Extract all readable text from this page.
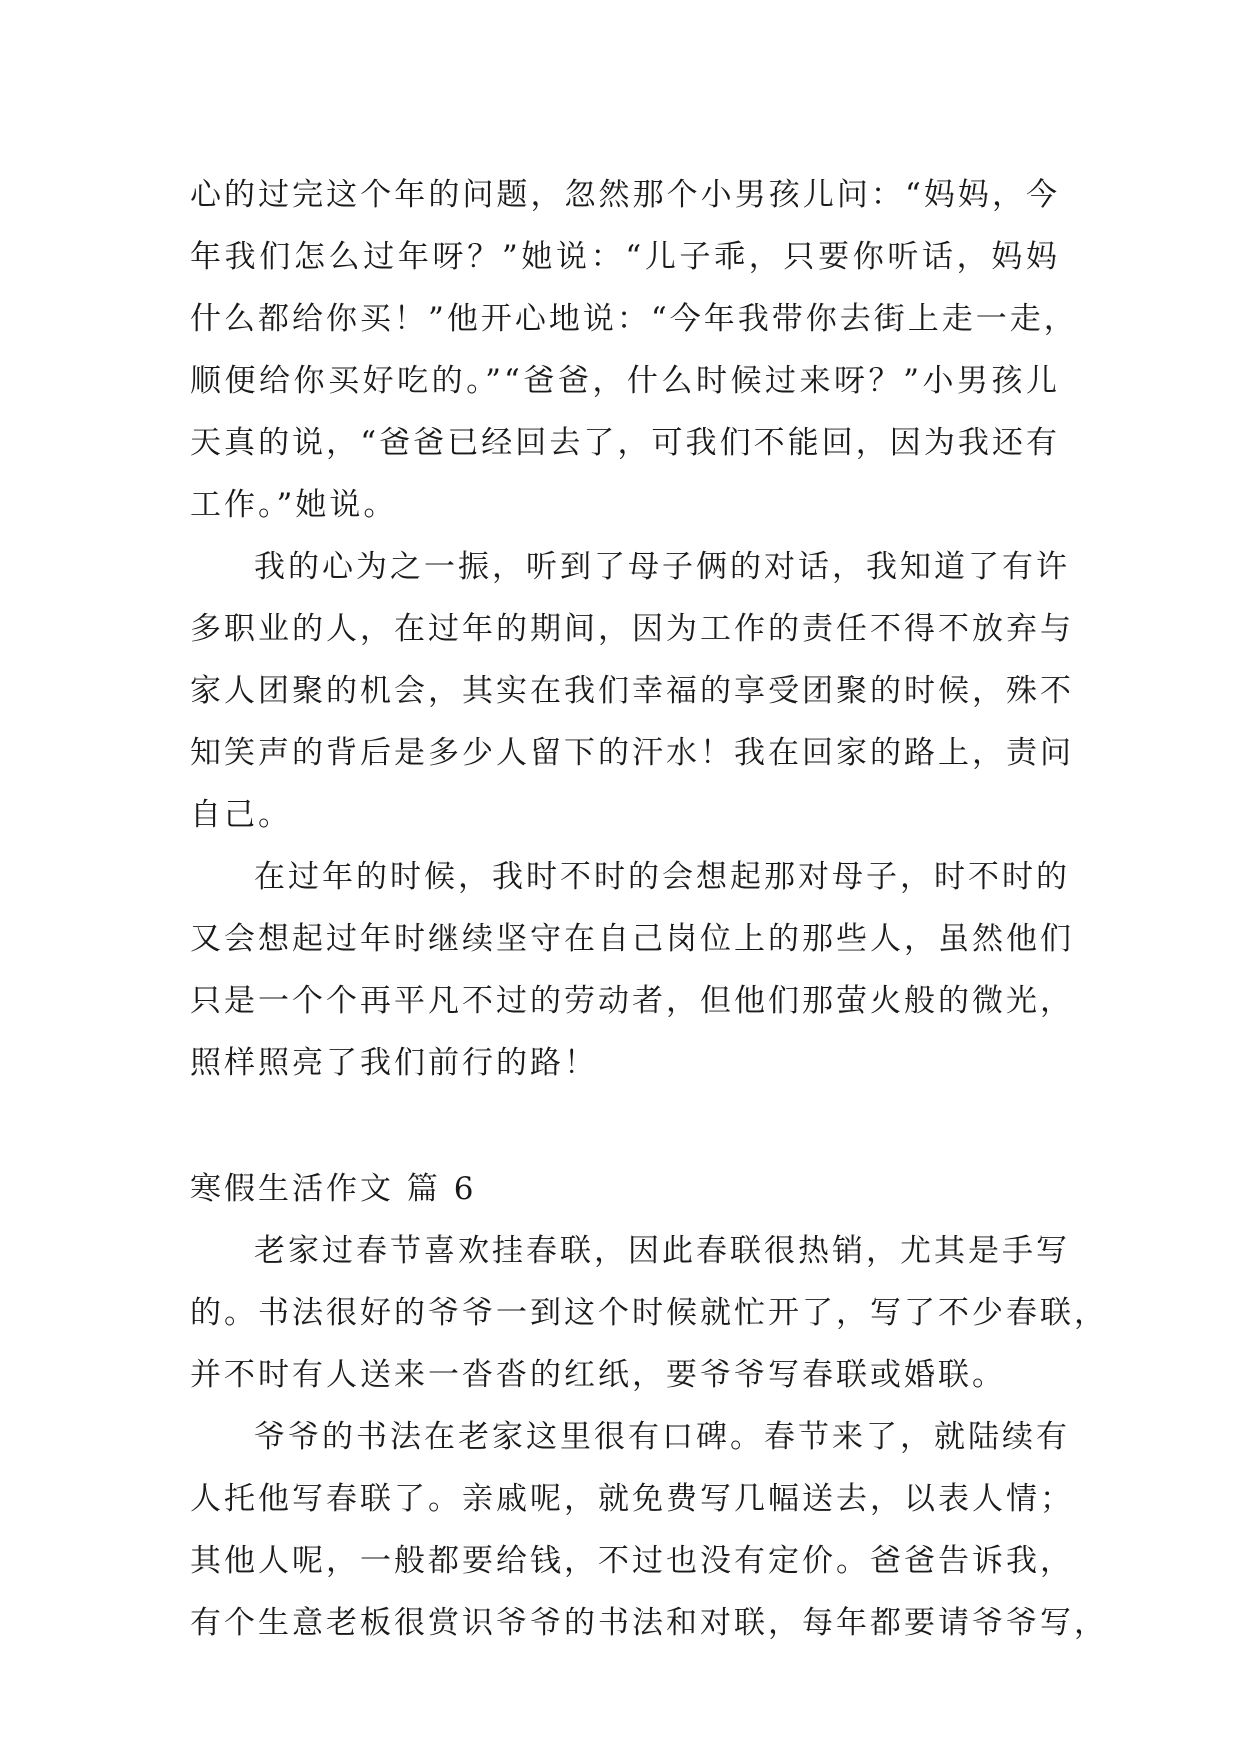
心的过完这个年的问题，忽然那个小男孩儿问：“妈妈，今
年我们怎么过年呀？”她说：“儿子乖，只要你听话，妈妈
什么都给你买！”他开心地说：“今年我带你去街上走一走，
顺便给你买好吃的。”“爸爸，什么时候过来呀？”小男孩儿
天真的说，“爸爸已经回去了，可我们不能回，因为我还有
工作。”她说。
我的心为之一振，听到了母子俩的对话，我知道了有许
多职业的人，在过年的期间，因为工作的责任不得不放弃与
家人团聚的机会，其实在我们幸福的享受团聚的时候，殊不
知笑声的背后是多少人留下的汗水！我在回家的路上，责问
自己。
在过年的时候，我时不时的会想起那对母子，时不时的
又会想起过年时继续坚守在自己岗位上的那些人，虽然他们
只是一个个再平凡不过的劳动者，但他们那萤火般的微光，
照样照亮了我们前行的路！
寒假生活作文 篇 6
老家过春节喜欢挂春联，因此春联很热销，尤其是手写
的。书法很好的爷爷一到这个时候就忙开了，写了不少春联，
并不时有人送来一沓沓的红纸，要爷爷写春联或婚联。
爷爷的书法在老家这里很有口碑。春节来了，就陆续有
人托他写春联了。亲戚呢，就免费写几幅送去，以表人情；
其他人呢，一般都要给钱，不过也没有定价。爸爸告诉我，
有个生意老板很赏识爷爷的书法和对联，每年都要请爷爷写，
